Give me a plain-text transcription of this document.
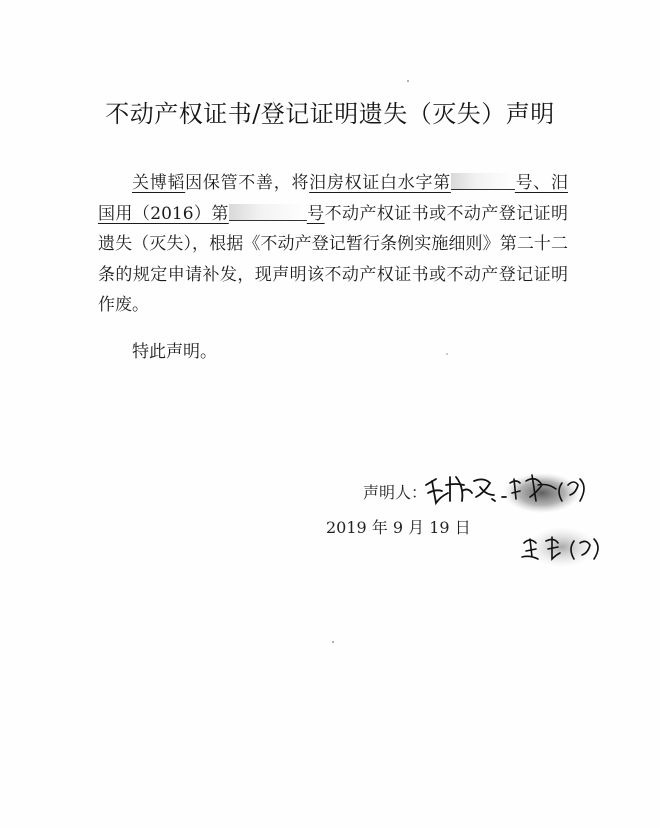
不动产权证书/登记证明遗失（灭失）声明

关博韬因保管不善，将汨房权证白水字第	号、汨国用（2016）第	号不动产权证书或不动产登记证明遗失（灭失），根据《不动产登记暂行条例实施细则》第二十二条的规定申请补发，现声明该不动产权证书或不动产登记证明作废。

特此声明。
声明人：
2019 年 9 月 19 日
